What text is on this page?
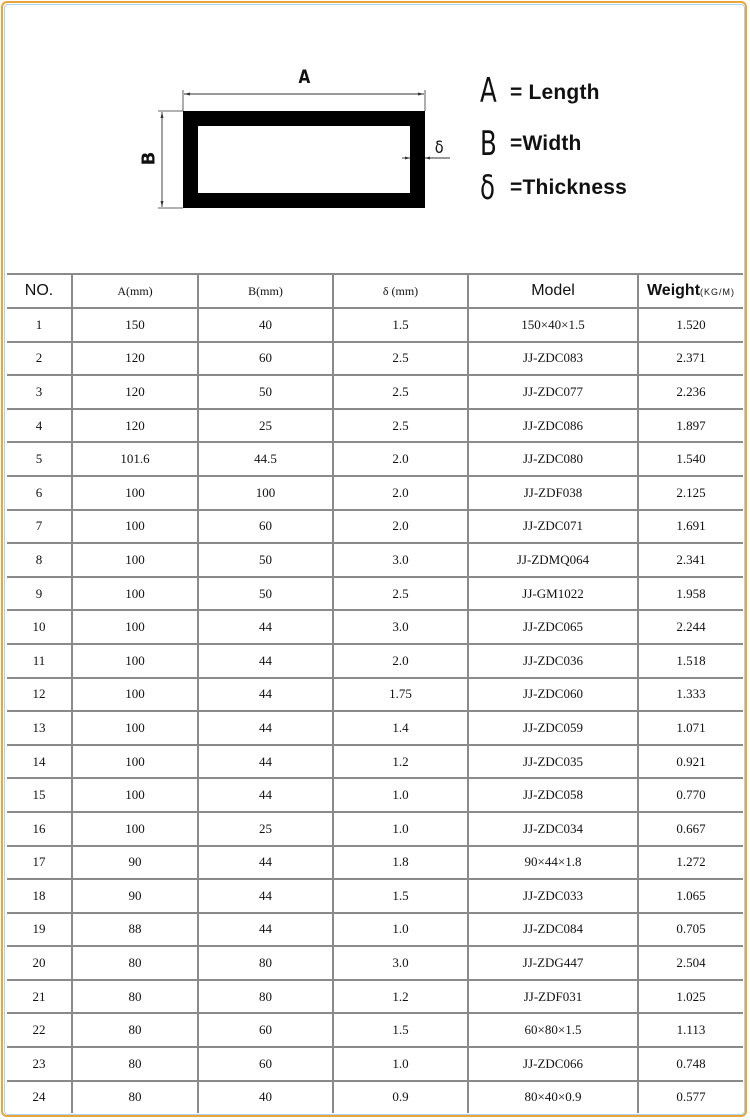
A
B
δ
A = Length
B =Width
δ =Thickness
NO.	A(mm)	B(mm)	δ (mm)	Model	Weight(KG/M)
1	150	40	1.5	150×40×1.5	1.520
2	120	60	2.5	JJ-ZDC083	2.371
3	120	50	2.5	JJ-ZDC077	2.236
4	120	25	2.5	JJ-ZDC086	1.897
5	101.6	44.5	2.0	JJ-ZDC080	1.540
6	100	100	2.0	JJ-ZDF038	2.125
7	100	60	2.0	JJ-ZDC071	1.691
8	100	50	3.0	JJ-ZDMQ064	2.341
9	100	50	2.5	JJ-GM1022	1.958
10	100	44	3.0	JJ-ZDC065	2.244
11	100	44	2.0	JJ-ZDC036	1.518
12	100	44	1.75	JJ-ZDC060	1.333
13	100	44	1.4	JJ-ZDC059	1.071
14	100	44	1.2	JJ-ZDC035	0.921
15	100	44	1.0	JJ-ZDC058	0.770
16	100	25	1.0	JJ-ZDC034	0.667
17	90	44	1.8	90×44×1.8	1.272
18	90	44	1.5	JJ-ZDC033	1.065
19	88	44	1.0	JJ-ZDC084	0.705
20	80	80	3.0	JJ-ZDG447	2.504
21	80	80	1.2	JJ-ZDF031	1.025
22	80	60	1.5	60×80×1.5	1.113
23	80	60	1.0	JJ-ZDC066	0.748
24	80	40	0.9	80×40×0.9	0.577
